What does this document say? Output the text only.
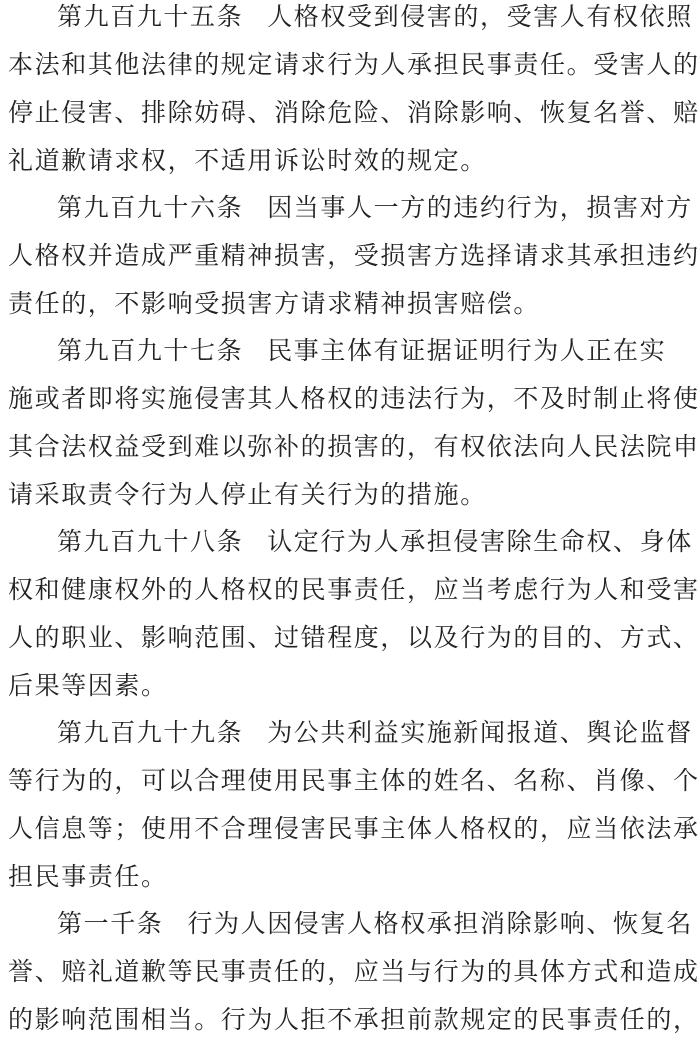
第九百九十五条 人格权受到侵害的，受害人有权依照
本法和其他法律的规定请求行为人承担民事责任。受害人的
停止侵害、排除妨碍、消除危险、消除影响、恢复名誉、赔
礼道歉请求权，不适用诉讼时效的规定。
第九百九十六条 因当事人一方的违约行为，损害对方
人格权并造成严重精神损害，受损害方选择请求其承担违约
责任的，不影响受损害方请求精神损害赔偿。
第九百九十七条 民事主体有证据证明行为人正在实
施或者即将实施侵害其人格权的违法行为，不及时制止将使
其合法权益受到难以弥补的损害的，有权依法向人民法院申
请采取责令行为人停止有关行为的措施。
第九百九十八条 认定行为人承担侵害除生命权、身体
权和健康权外的人格权的民事责任，应当考虑行为人和受害
人的职业、影响范围、过错程度，以及行为的目的、方式、
后果等因素。
第九百九十九条 为公共利益实施新闻报道、舆论监督
等行为的，可以合理使用民事主体的姓名、名称、肖像、个
人信息等；使用不合理侵害民事主体人格权的，应当依法承
担民事责任。
第一千条 行为人因侵害人格权承担消除影响、恢复名
誉、赔礼道歉等民事责任的，应当与行为的具体方式和造成
的影响范围相当。行为人拒不承担前款规定的民事责任的，
